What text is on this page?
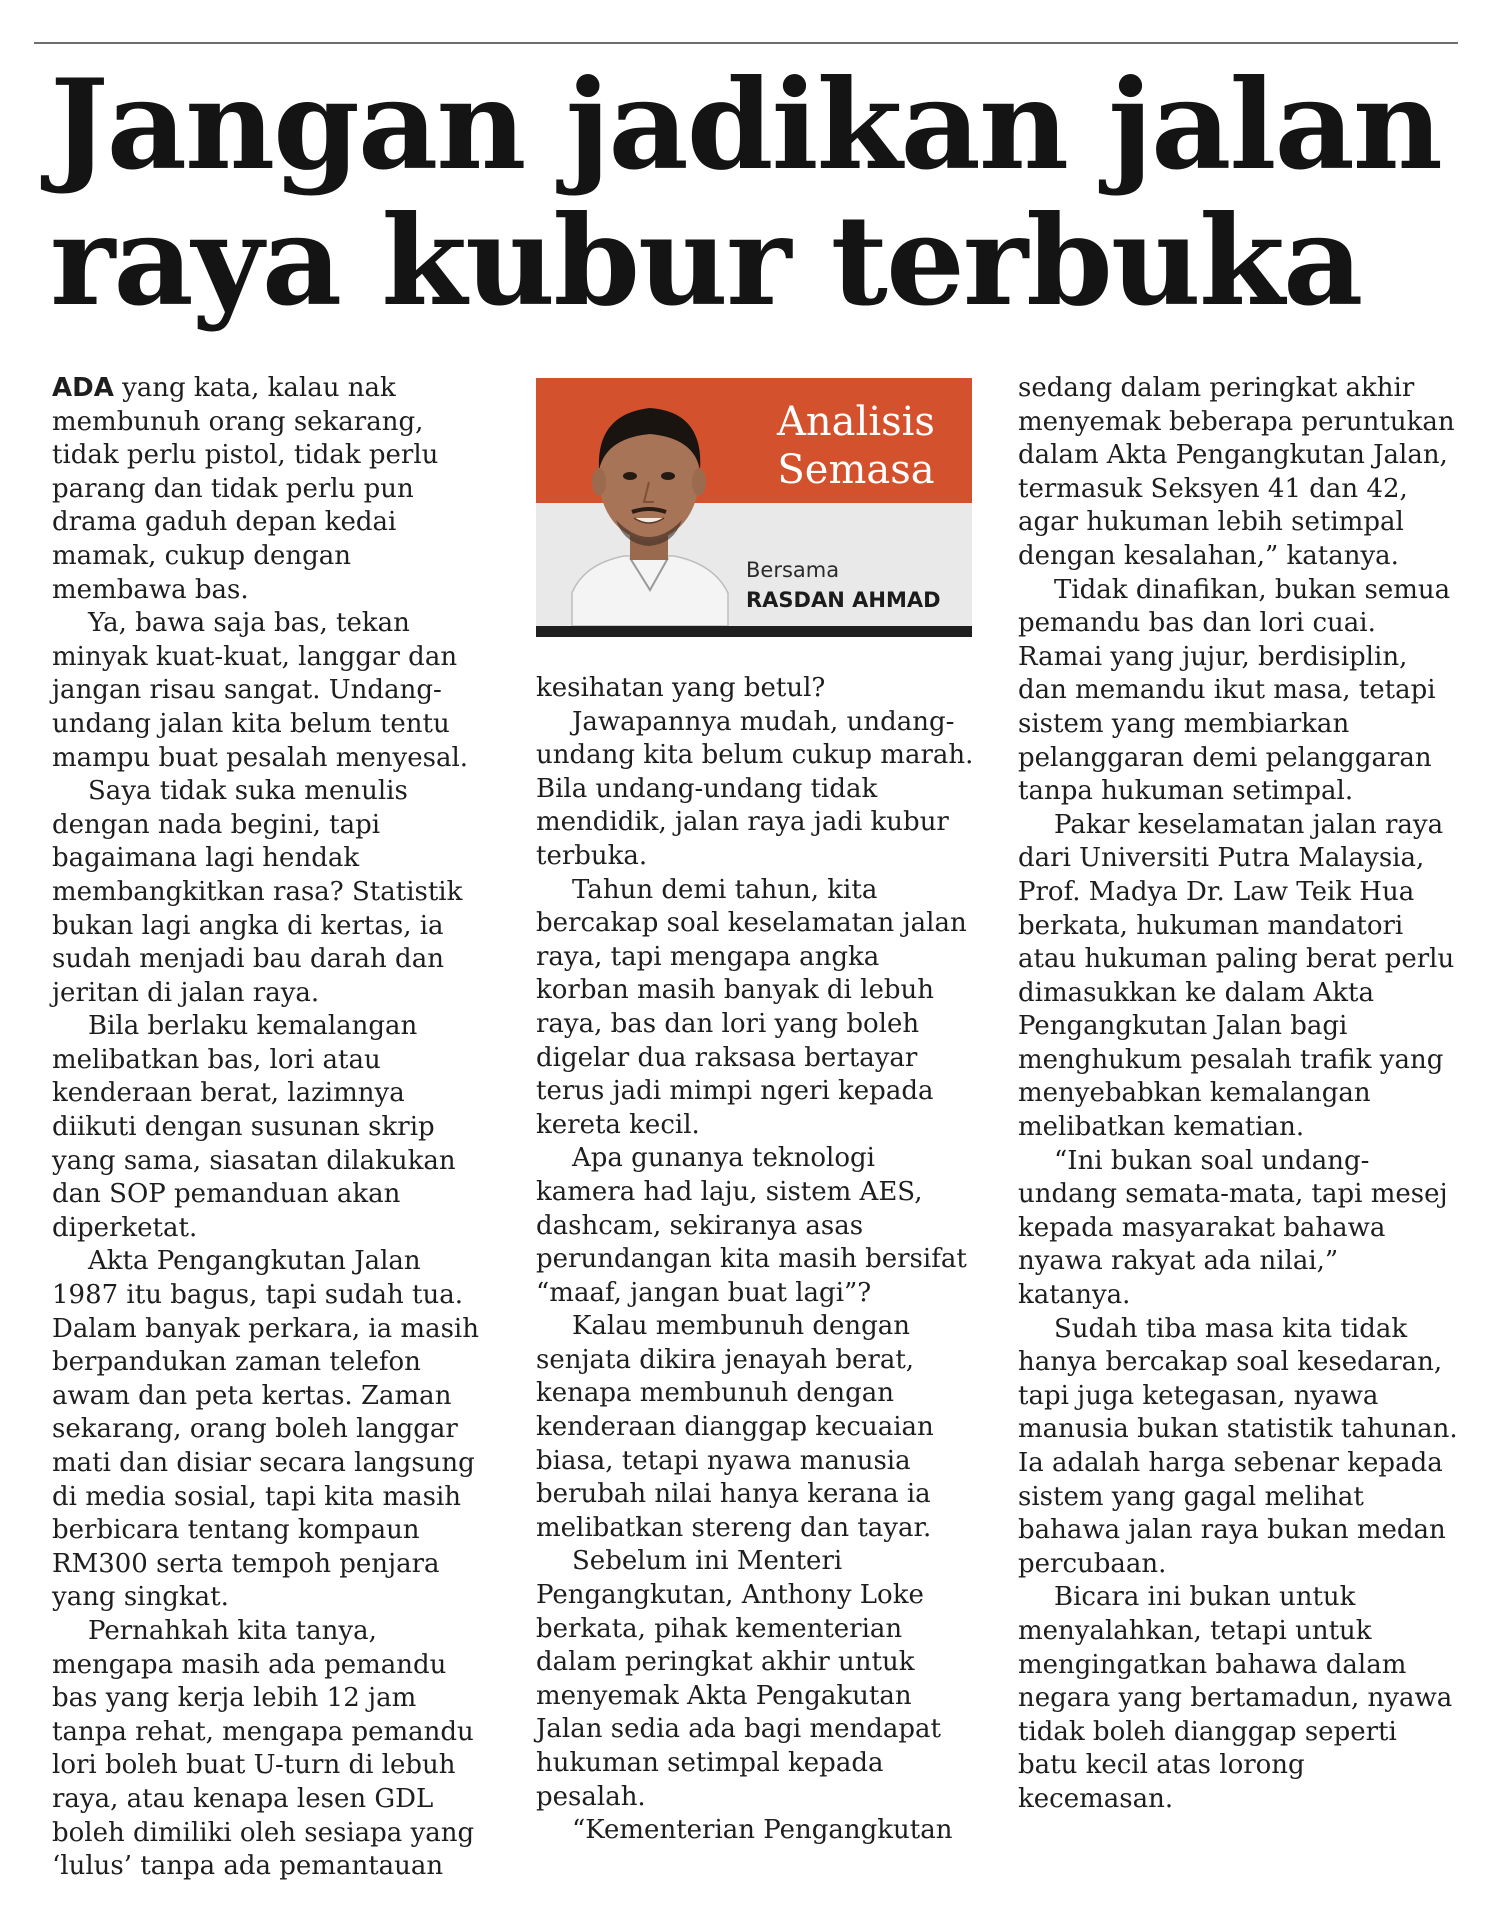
Jangan jadikan jalan raya kubur terbuka

ADA yang kata, kalau nak membunuh orang sekarang, tidak perlu pistol, tidak perlu parang dan tidak perlu pun drama gaduh depan kedai mamak, cukup dengan membawa bas.

Ya, bawa saja bas, tekan minyak kuat-kuat, langgar dan jangan risau sangat. Undang-undang jalan kita belum tentu mampu buat pesalah menyesal.

Saya tidak suka menulis dengan nada begini, tapi bagaimana lagi hendak membangkitkan rasa? Statistik bukan lagi angka di kertas, ia sudah menjadi bau darah dan jeritan di jalan raya.

Bila berlaku kemalangan melibatkan bas, lori atau kenderaan berat, lazimnya diikuti dengan susunan skrip yang sama, siasatan dilakukan dan SOP pemanduan akan diperketat.

Akta Pengangkutan Jalan 1987 itu bagus, tapi sudah tua. Dalam banyak perkara, ia masih berpandukan zaman telefon awam dan peta kertas. Zaman sekarang, orang boleh langgar mati dan disiar secara langsung di media sosial, tapi kita masih berbicara tentang kompaun RM300 serta tempoh penjara yang singkat.

Pernahkah kita tanya, mengapa masih ada pemandu bas yang kerja lebih 12 jam tanpa rehat, mengapa pemandu lori boleh buat U-turn di lebuh raya, atau kenapa lesen GDL boleh dimiliki oleh sesiapa yang ‘lulus’ tanpa ada pemantauan

Analisis
Semasa
Bersama
RASDAN AHMAD

kesihatan yang betul?

Jawapannya mudah, undang-undang kita belum cukup marah. Bila undang-undang tidak mendidik, jalan raya jadi kubur terbuka.

Tahun demi tahun, kita bercakap soal keselamatan jalan raya, tapi mengapa angka korban masih banyak di lebuh raya, bas dan lori yang boleh digelar dua raksasa bertayar terus jadi mimpi ngeri kepada kereta kecil.

Apa gunanya teknologi kamera had laju, sistem AES, dashcam, sekiranya asas perundangan kita masih bersifat “maaf, jangan buat lagi”?

Kalau membunuh dengan senjata dikira jenayah berat, kenapa membunuh dengan kenderaan dianggap kecuaian biasa, tetapi nyawa manusia berubah nilai hanya kerana ia melibatkan stereng dan tayar.

Sebelum ini Menteri Pengangkutan, Anthony Loke berkata, pihak kementerian dalam peringkat akhir untuk menyemak Akta Pengakutan Jalan sedia ada bagi mendapat hukuman setimpal kepada pesalah.

“Kementerian Pengangkutan

sedang dalam peringkat akhir menyemak beberapa peruntukan dalam Akta Pengangkutan Jalan, termasuk Seksyen 41 dan 42, agar hukuman lebih setimpal dengan kesalahan,” katanya.

Tidak dinafikan, bukan semua pemandu bas dan lori cuai. Ramai yang jujur, berdisiplin, dan memandu ikut masa, tetapi sistem yang membiarkan pelanggaran demi pelanggaran tanpa hukuman setimpal.

Pakar keselamatan jalan raya dari Universiti Putra Malaysia, Prof. Madya Dr. Law Teik Hua berkata, hukuman mandatori atau hukuman paling berat perlu dimasukkan ke dalam Akta Pengangkutan Jalan bagi menghukum pesalah trafik yang menyebabkan kemalangan melibatkan kematian.

“Ini bukan soal undang-undang semata-mata, tapi mesej kepada masyarakat bahawa nyawa rakyat ada nilai,” katanya.

Sudah tiba masa kita tidak hanya bercakap soal kesedaran, tapi juga ketegasan, nyawa manusia bukan statistik tahunan. Ia adalah harga sebenar kepada sistem yang gagal melihat bahawa jalan raya bukan medan percubaan.

Bicara ini bukan untuk menyalahkan, tetapi untuk mengingatkan bahawa dalam negara yang bertamadun, nyawa tidak boleh dianggap seperti batu kecil atas lorong kecemasan.
